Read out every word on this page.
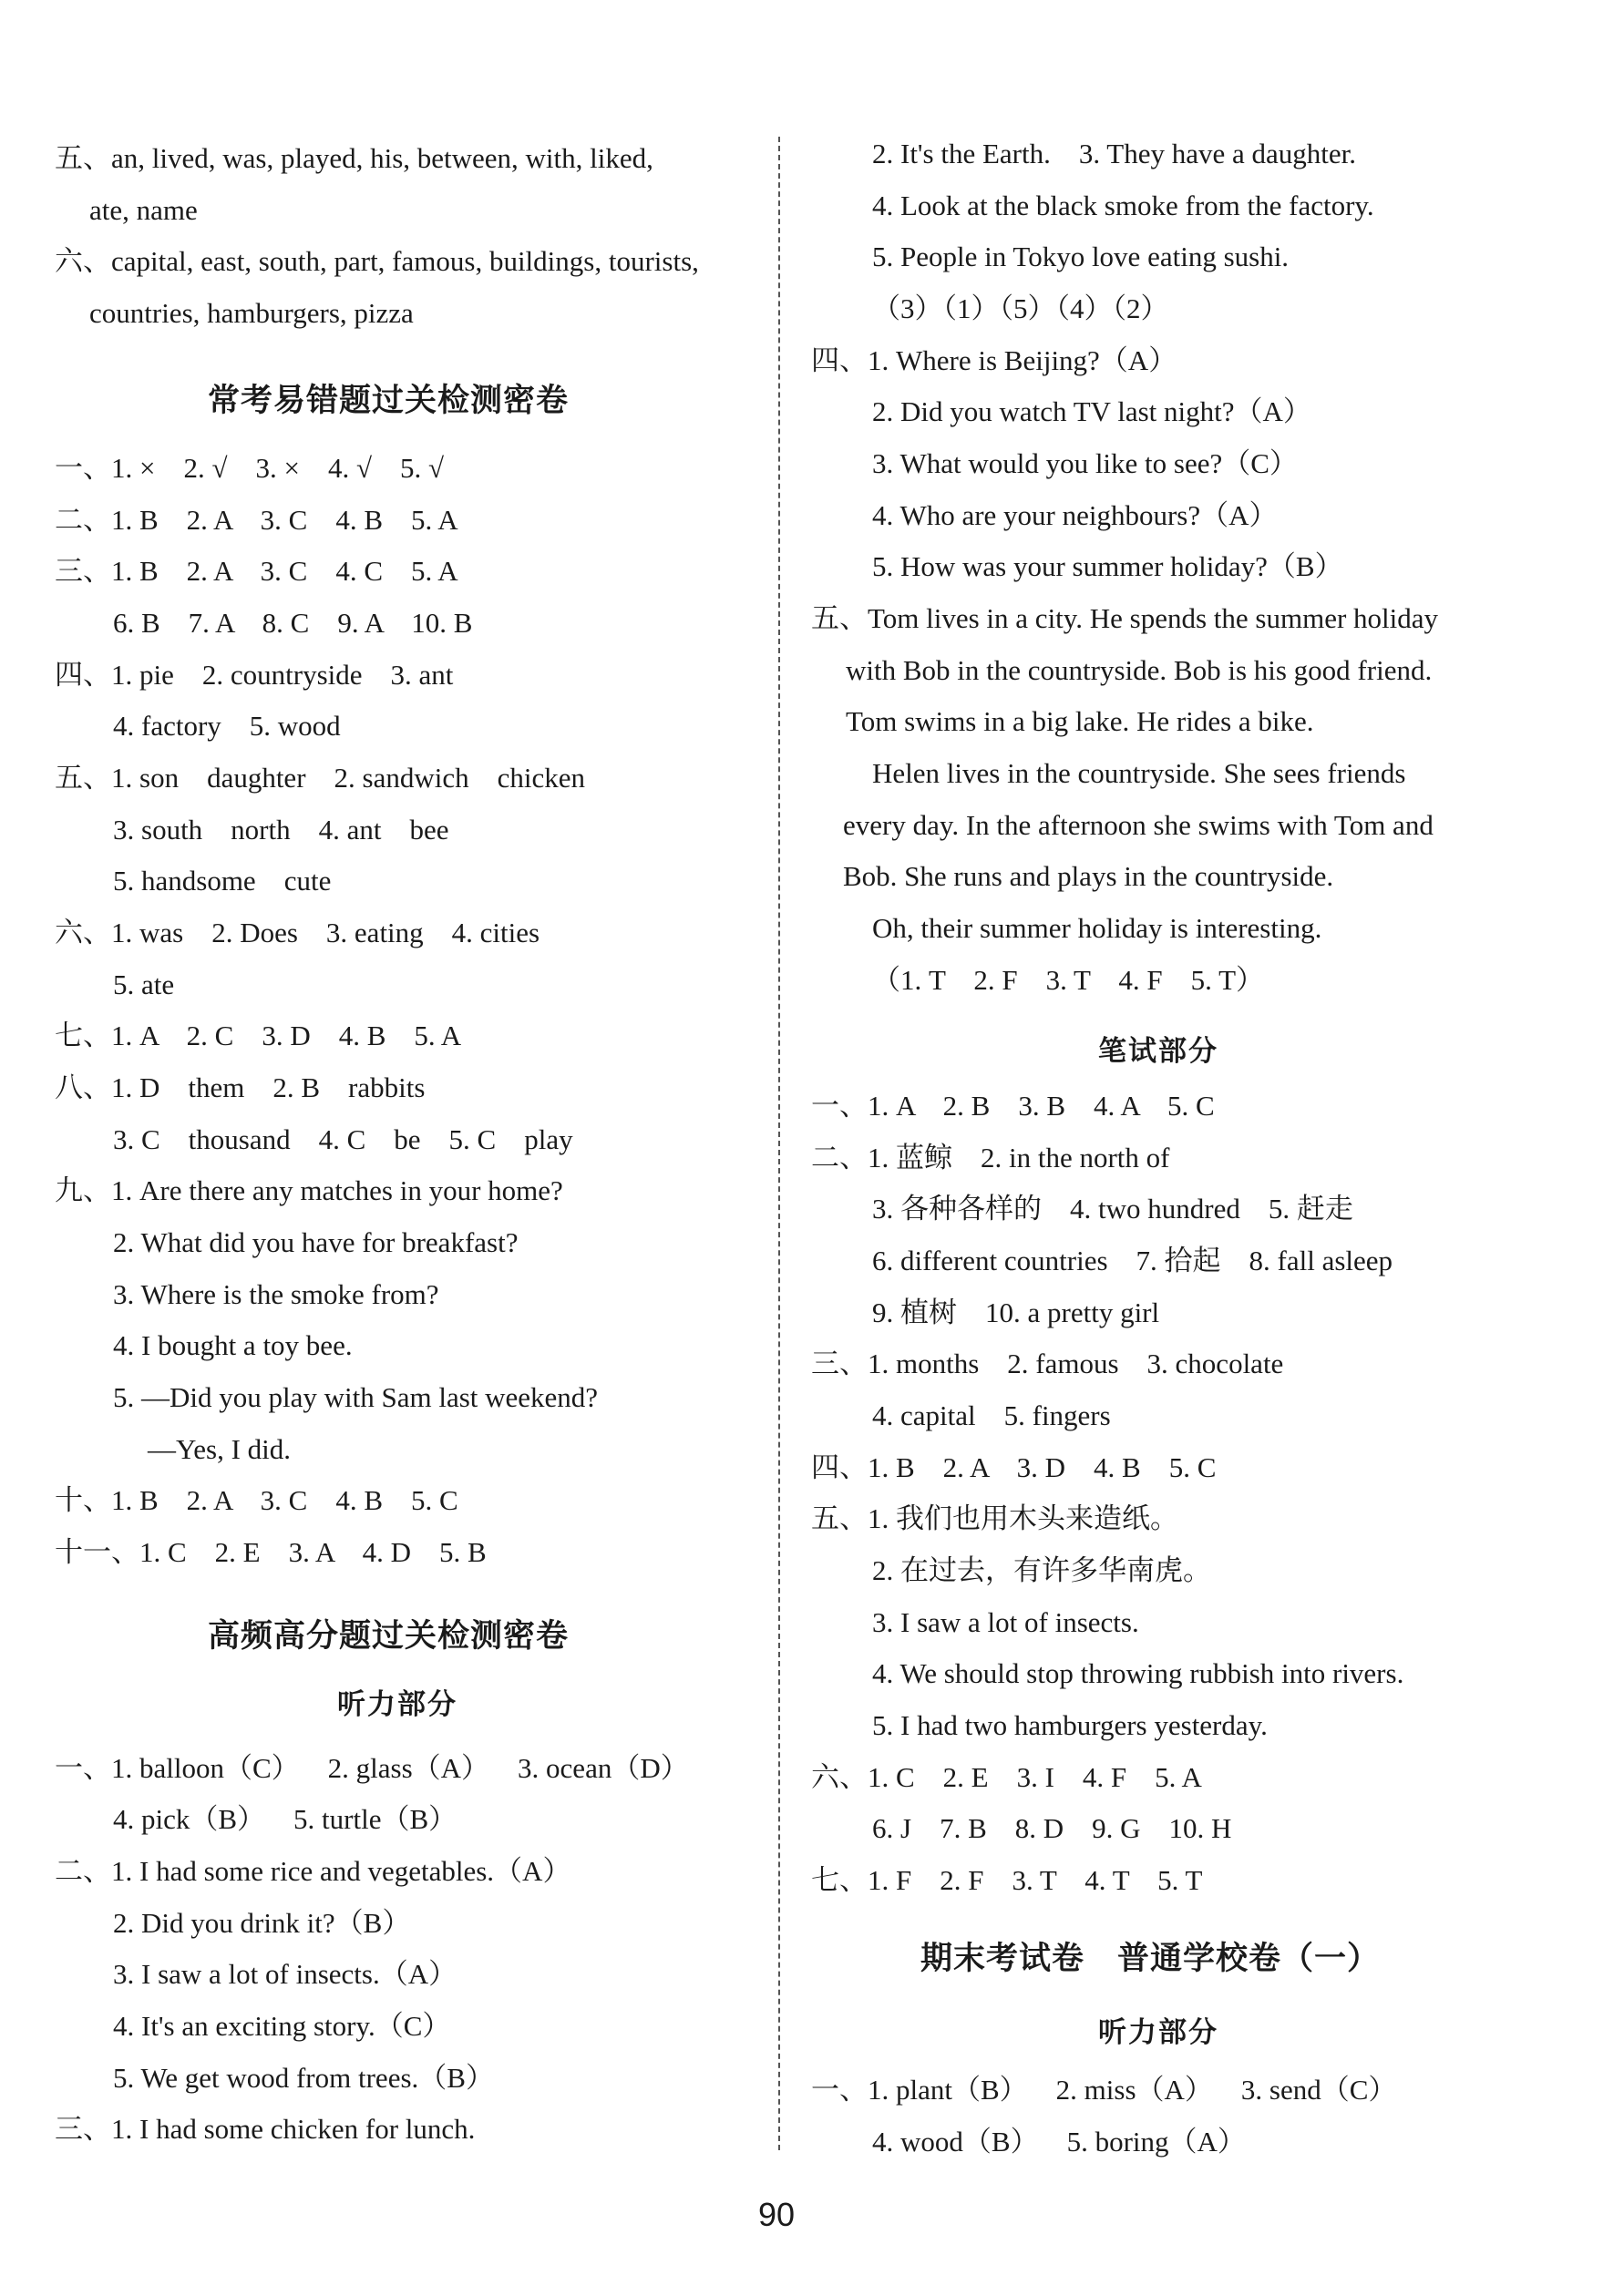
五、an, lived, was, played, his, between, with, liked,
ate, name
六、capital, east, south, part, famous, buildings, tourists,
countries, hamburgers, pizza
常考易错题过关检测密卷
一、1. ×    2. √    3. ×    4. √    5. √
二、1. B    2. A    3. C    4. B    5. A
三、1. B    2. A    3. C    4. C    5. A
6. B    7. A    8. C    9. A    10. B
四、1. pie    2. countryside    3. ant
4. factory    5. wood
五、1. son    daughter    2. sandwich    chicken
3. south    north    4. ant    bee
5. handsome    cute
六、1. was    2. Does    3. eating    4. cities
5. ate
七、1. A    2. C    3. D    4. B    5. A
八、1. D    them    2. B    rabbits
3. C    thousand    4. C    be    5. C    play
九、1. Are there any matches in your home?
2. What did you have for breakfast?
3. Where is the smoke from?
4. I bought a toy bee.
5. —Did you play with Sam last weekend?
—Yes, I did.
十、1. B    2. A    3. C    4. B    5. C
十一、1. C    2. E    3. A    4. D    5. B
高频高分题过关检测密卷
听力部分
一、1. balloon（C）    2. glass（A）    3. ocean（D）
4. pick（B）    5. turtle（B）
二、1. I had some rice and vegetables.（A）
2. Did you drink it?（B）
3. I saw a lot of insects.（A）
4. It's an exciting story.（C）
5. We get wood from trees.（B）
三、1. I had some chicken for lunch.
2. It's the Earth.    3. They have a daughter.
4. Look at the black smoke from the factory.
5. People in Tokyo love eating sushi.
（3）（1）（5）（4）（2）
四、1. Where is Beijing?（A）
2. Did you watch TV last night?（A）
3. What would you like to see?（C）
4. Who are your neighbours?（A）
5. How was your summer holiday?（B）
五、Tom lives in a city. He spends the summer holiday
with Bob in the countryside. Bob is his good friend.
Tom swims in a big lake. He rides a bike.
Helen lives in the countryside. She sees friends
every day. In the afternoon she swims with Tom and
Bob. She runs and plays in the countryside.
Oh, their summer holiday is interesting.
（1. T    2. F    3. T    4. F    5. T）
笔试部分
一、1. A    2. B    3. B    4. A    5. C
二、1. 蓝鲸    2. in the north of
3. 各种各样的    4. two hundred    5. 赶走
6. different countries    7. 拾起    8. fall asleep
9. 植树    10. a pretty girl
三、1. months    2. famous    3. chocolate
4. capital    5. fingers
四、1. B    2. A    3. D    4. B    5. C
五、1. 我们也用木头来造纸。
2. 在过去，有许多华南虎。
3. I saw a lot of insects.
4. We should stop throwing rubbish into rivers.
5. I had two hamburgers yesterday.
六、1. C    2. E    3. I    4. F    5. A
6. J    7. B    8. D    9. G    10. H
七、1. F    2. F    3. T    4. T    5. T
期末考试卷　普通学校卷（一）
听力部分
一、1. plant（B）    2. miss（A）    3. send（C）
4. wood（B）    5. boring（A）
90
